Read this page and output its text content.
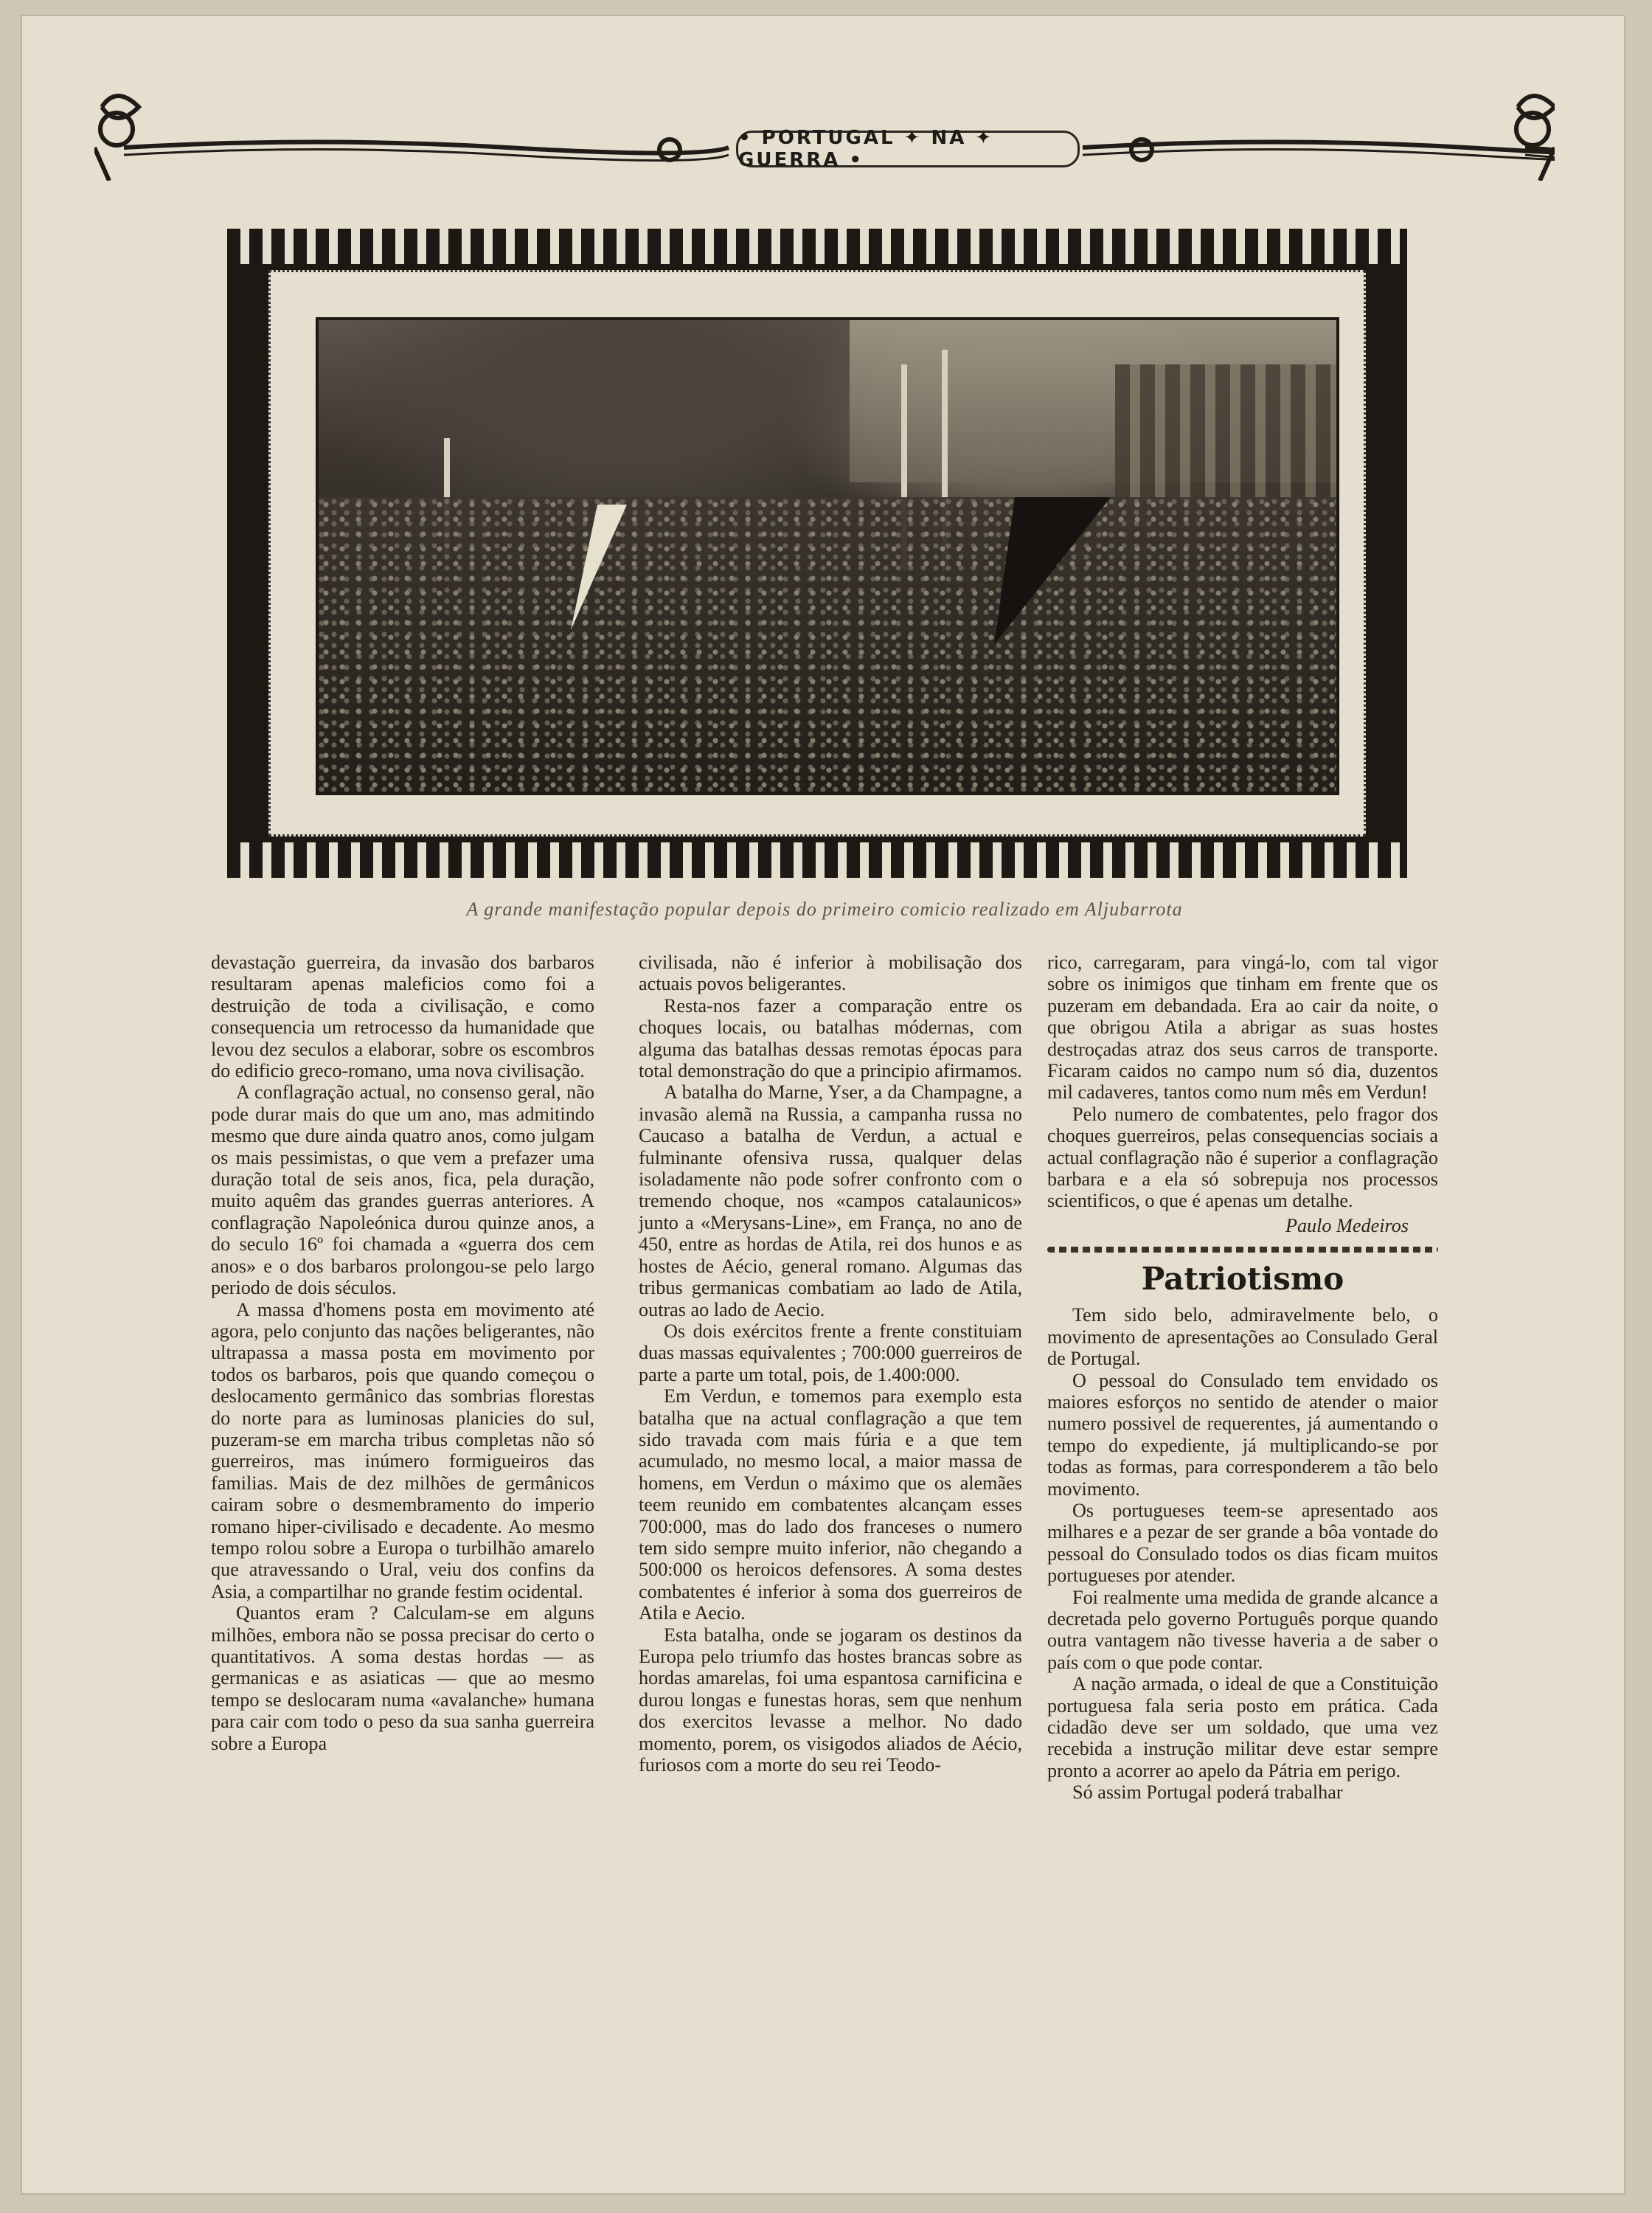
• PORTUGAL ✦ NA ✦ GUERRA •
A grande manifestação popular depois do primeiro comicio realizado em Aljubarrota

devastação guerreira, da invasão dos barbaros resultaram apenas maleficios como foi a destruição de toda a civilisação, e como consequencia um retrocesso da humanidade que levou dez seculos a elaborar, sobre os escombros do edificio greco-romano, uma nova civilisação.

A conflagração actual, no consenso geral, não pode durar mais do que um ano, mas admitindo mesmo que dure ainda quatro anos, como julgam os mais pessimistas, o que vem a prefazer uma duração total de seis anos, fica, pela duração, muito aquêm das grandes guerras anteriores. A conflagração Napoleónica durou quinze anos, a do seculo 16º foi chamada a «guerra dos cem anos» e o dos barbaros prolongou-se pelo largo periodo de dois séculos.

A massa d'homens posta em movimento até agora, pelo conjunto das nações beligerantes, não ultrapassa a massa posta em movimento por todos os barbaros, pois que quando começou o deslocamento germânico das sombrias florestas do norte para as luminosas planicies do sul, puzeram-se em marcha tribus completas não só guerreiros, mas inúmero formigueiros das familias. Mais de dez milhões de germânicos cairam sobre o desmembramento do imperio romano hiper-civilisado e decadente. Ao mesmo tempo rolou sobre a Europa o turbilhão amarelo que atravessando o Ural, veiu dos confins da Asia, a compartilhar no grande festim ocidental.

Quantos eram ? Calculam-se em alguns milhões, embora não se possa precisar do certo o quantitativos. A soma destas hordas — as germanicas e as asiaticas — que ao mesmo tempo se deslocaram numa «avalanche» humana para cair com todo o peso da sua sanha guerreira sobre a Europa

civilisada, não é inferior à mobilisação dos actuais povos beligerantes.

Resta-nos fazer a comparação entre os choques locais, ou batalhas módernas, com alguma das batalhas dessas remotas épocas para total demonstração do que a principio afirmamos.

A batalha do Marne, Yser, a da Champagne, a invasão alemã na Russia, a campanha russa no Caucaso a batalha de Verdun, a actual e fulminante ofensiva russa, qualquer delas isoladamente não pode sofrer confronto com o tremendo choque, nos «campos catalaunicos» junto a «Merysans-Line», em França, no ano de 450, entre as hordas de Atila, rei dos hunos e as hostes de Aécio, general romano. Algumas das tribus germanicas combatiam ao lado de Atila, outras ao lado de Aecio.

Os dois exércitos frente a frente constituiam duas massas equivalentes ; 700:000 guerreiros de parte a parte um total, pois, de 1.400:000.

Em Verdun, e tomemos para exemplo esta batalha que na actual conflagração a que tem sido travada com mais fúria e a que tem acumulado, no mesmo local, a maior massa de homens, em Verdun o máximo que os alemães teem reunido em combatentes alcançam esses 700:000, mas do lado dos franceses o numero tem sido sempre muito inferior, não chegando a 500:000 os heroicos defensores. A soma destes combatentes é inferior à soma dos guerreiros de Atila e Aecio.

Esta batalha, onde se jogaram os destinos da Europa pelo triumfo das hostes brancas sobre as hordas amarelas, foi uma espantosa carnificina e durou longas e funestas horas, sem que nenhum dos exercitos levasse a melhor. No dado momento, porem, os visigodos aliados de Aécio, furiosos com a morte do seu rei Teodo-

rico, carregaram, para vingá-lo, com tal vigor sobre os inimigos que tinham em frente que os puzeram em debandada. Era ao cair da noite, o que obrigou Atila a abrigar as suas hostes destroçadas atraz dos seus carros de transporte. Ficaram caidos no campo num só dia, duzentos mil cadaveres, tantos como num mês em Verdun!

Pelo numero de combatentes, pelo fragor dos choques guerreiros, pelas consequencias sociais a actual conflagração não é superior a conflagração barbara e a ela só sobrepuja nos processos scientificos, o que é apenas um detalhe.

Paulo Medeiros
Patriotismo

Tem sido belo, admiravelmente belo, o movimento de apresentações ao Consulado Geral de Portugal.

O pessoal do Consulado tem envidado os maiores esforços no sentido de atender o maior numero possivel de requerentes, já aumentando o tempo do expediente, já multiplicando-se por todas as formas, para corresponderem a tão belo movimento.

Os portugueses teem-se apresentado aos milhares e a pezar de ser grande a bôa vontade do pessoal do Consulado todos os dias ficam muitos portugueses por atender.

Foi realmente uma medida de grande alcance a decretada pelo governo Português porque quando outra vantagem não tivesse haveria a de saber o país com o que pode contar.

A nação armada, o ideal de que a Constituição portuguesa fala seria posto em prática. Cada cidadão deve ser um soldado, que uma vez recebida a instrução militar deve estar sempre pronto a acorrer ao apelo da Pátria em perigo.

Só assim Portugal poderá trabalhar
